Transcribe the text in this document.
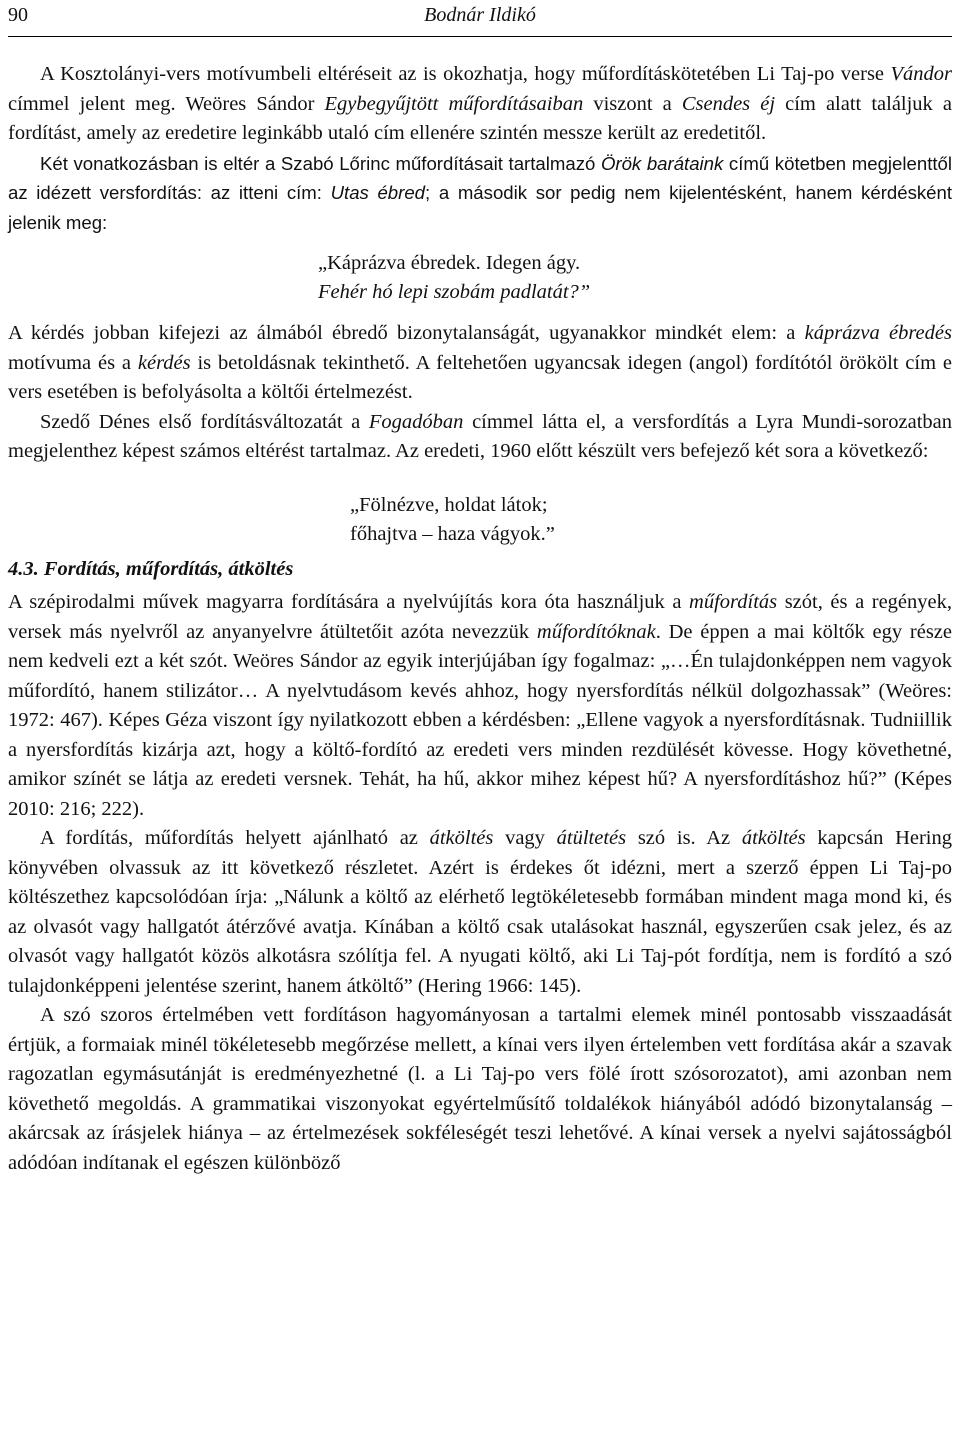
90	Bodnár Ildikó

A Kosztolányi-vers motívumbeli eltéréseit az is okozhatja, hogy műfordításkötetében Li Taj-po verse Vándor címmel jelent meg. Weöres Sándor Egybegyűjtött műfordításaiban viszont a Csendes éj cím alatt találjuk a fordítást, amely az eredetire leginkább utaló cím ellenére szintén messze került az eredetitől.

Két vonatkozásban is eltér a Szabó Lőrinc műfordításait tartalmazó Örök barátaink című kötetben megjelenttől az idézett versfordítás: az itteni cím: Utas ébred; a második sor pedig nem kijelentésként, hanem kérdésként jelenik meg:

„Káprázva ébredek. Idegen ágy.
Fehér hó lepi szobám padlatát?”

A kérdés jobban kifejezi az álmából ébredő bizonytalanságát, ugyanakkor mindkét elem: a káprázva ébredés motívuma és a kérdés is betoldásnak tekinthető. A feltehetően ugyancsak idegen (angol) fordítótól örökölt cím e vers esetében is befolyásolta a költői értelmezést.

Szedő Dénes első fordításváltozatát a Fogadóban címmel látta el, a versfordítás a Lyra Mundi-sorozatban megjelenthez képest számos eltérést tartalmaz. Az eredeti, 1960 előtt készült vers befejező két sora a következő:

„Fölnézve, holdat látok;
főhajtva – haza vágyok.”
4.3. Fordítás, műfordítás, átköltés

A szépirodalmi művek magyarra fordítására a nyelvújítás kora óta használjuk a műfordítás szót, és a regények, versek más nyelvről az anyanyelvre átültetőit azóta nevezzük műfordítóknak. De éppen a mai költők egy része nem kedveli ezt a két szót. Weöres Sándor az egyik interjújában így fogalmaz: „…Én tulajdonképpen nem vagyok műfordító, hanem stilizátor… A nyelvtudásom kevés ahhoz, hogy nyersfordítás nélkül dolgozhassak” (Weöres: 1972: 467). Képes Géza viszont így nyilatkozott ebben a kérdésben: „Ellene vagyok a nyersfordításnak. Tudniillik a nyersfordítás kizárja azt, hogy a költő-fordító az eredeti vers minden rezdülését kövesse. Hogy követhetné, amikor színét se látja az eredeti versnek. Tehát, ha hű, akkor mihez képest hű? A nyersfordításhoz hű?” (Képes 2010: 216; 222).

A fordítás, műfordítás helyett ajánlható az átköltés vagy átültetés szó is. Az átköltés kapcsán Hering könyvében olvassuk az itt következő részletet. Azért is érdekes őt idézni, mert a szerző éppen Li Taj-po költészethez kapcsolódóan írja: „Nálunk a költő az elérhető legtökéletesebb formában mindent maga mond ki, és az olvasót vagy hallgatót átérzővé avatja. Kínában a költő csak utalásokat használ, egyszerűen csak jelez, és az olvasót vagy hallgatót közös alkotásra szólítja fel. A nyugati költő, aki Li Taj-pót fordítja, nem is fordító a szó tulajdonképpeni jelentése szerint, hanem átköltő” (Hering 1966: 145).

A szó szoros értelmében vett fordításon hagyományosan a tartalmi elemek minél pontosabb visszaadását értjük, a formaiak minél tökéletesebb megőrzése mellett, a kínai vers ilyen értelemben vett fordítása akár a szavak ragozatlan egymásutánját is eredményezhetné (l. a Li Taj-po vers fölé írott szósorozatot), ami azonban nem követhető megoldás. A grammatikai viszonyokat egyértelműsítő toldalékok hiányából adódó bizonytalanság – akárcsak az írásjelek hiánya – az értelmezések sokféleségét teszi lehetővé. A kínai versek a nyelvi sajátosságból adódóan indítanak el egészen különböző
